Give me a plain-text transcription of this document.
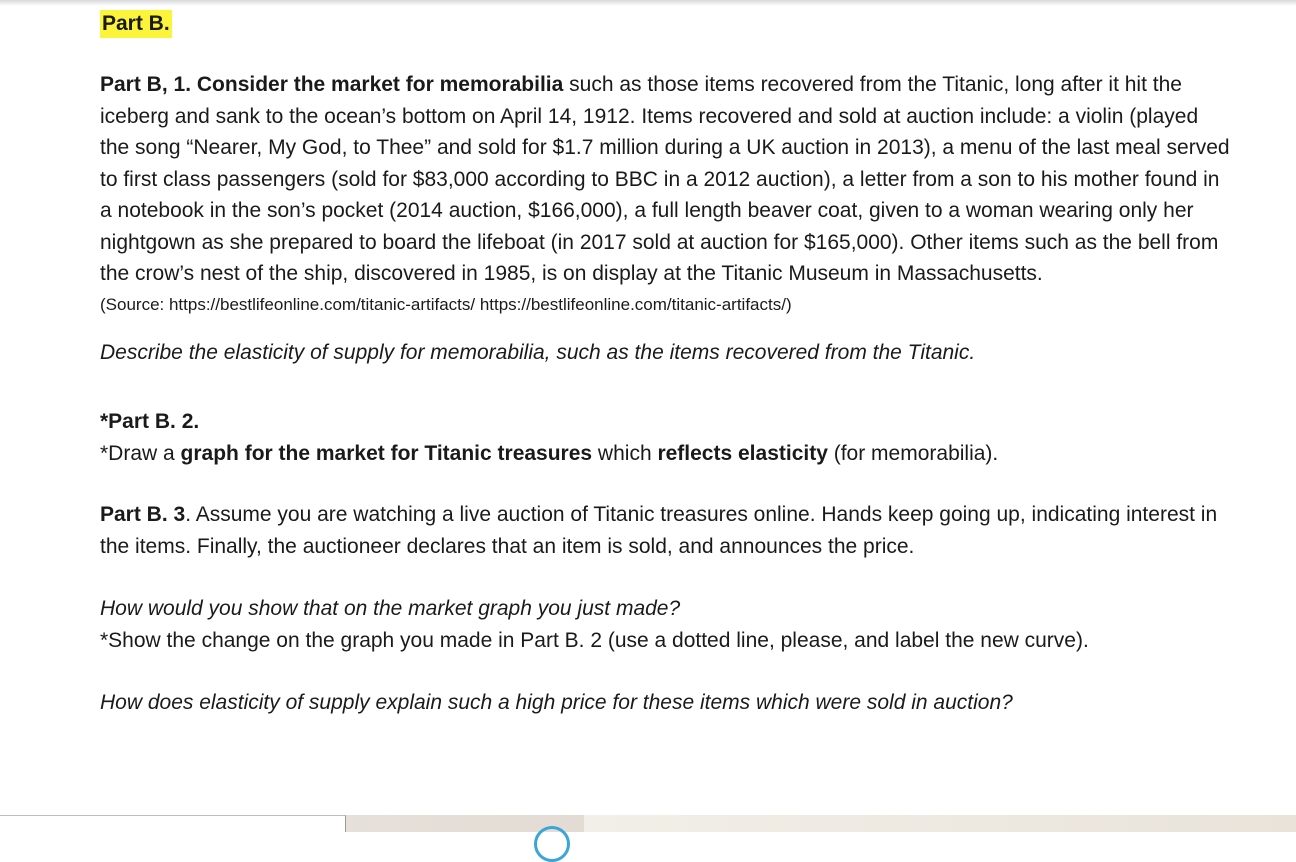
Part B.

Part B, 1. Consider the market for memorabilia such as those items recovered from the Titanic, long after it hit the iceberg and sank to the ocean’s bottom on April 14, 1912. Items recovered and sold at auction include: a violin (played the song “Nearer, My God, to Thee” and sold for $1.7 million during a UK auction in 2013), a menu of the last meal served to first class passengers (sold for $83,000 according to BBC in a 2012 auction), a letter from a son to his mother found in a notebook in the son’s pocket (2014 auction, $166,000), a full length beaver coat, given to a woman wearing only her nightgown as she prepared to board the lifeboat (in 2017 sold at auction for $165,000). Other items such as the bell from the crow’s nest of the ship, discovered in 1985, is on display at the Titanic Museum in Massachusetts.

(Source: https://bestlifeonline.com/titanic-artifacts/ https://bestlifeonline.com/titanic-artifacts/)

Describe the elasticity of supply for memorabilia, such as the items recovered from the Titanic.

*Part B. 2.

*Draw a graph for the market for Titanic treasures which reflects elasticity (for memorabilia).

Part B. 3. Assume you are watching a live auction of Titanic treasures online. Hands keep going up, indicating interest in the items. Finally, the auctioneer declares that an item is sold, and announces the price.

How would you show that on the market graph you just made?

*Show the change on the graph you made in Part B. 2 (use a dotted line, please, and label the new curve).

How does elasticity of supply explain such a high price for these items which were sold in auction?
